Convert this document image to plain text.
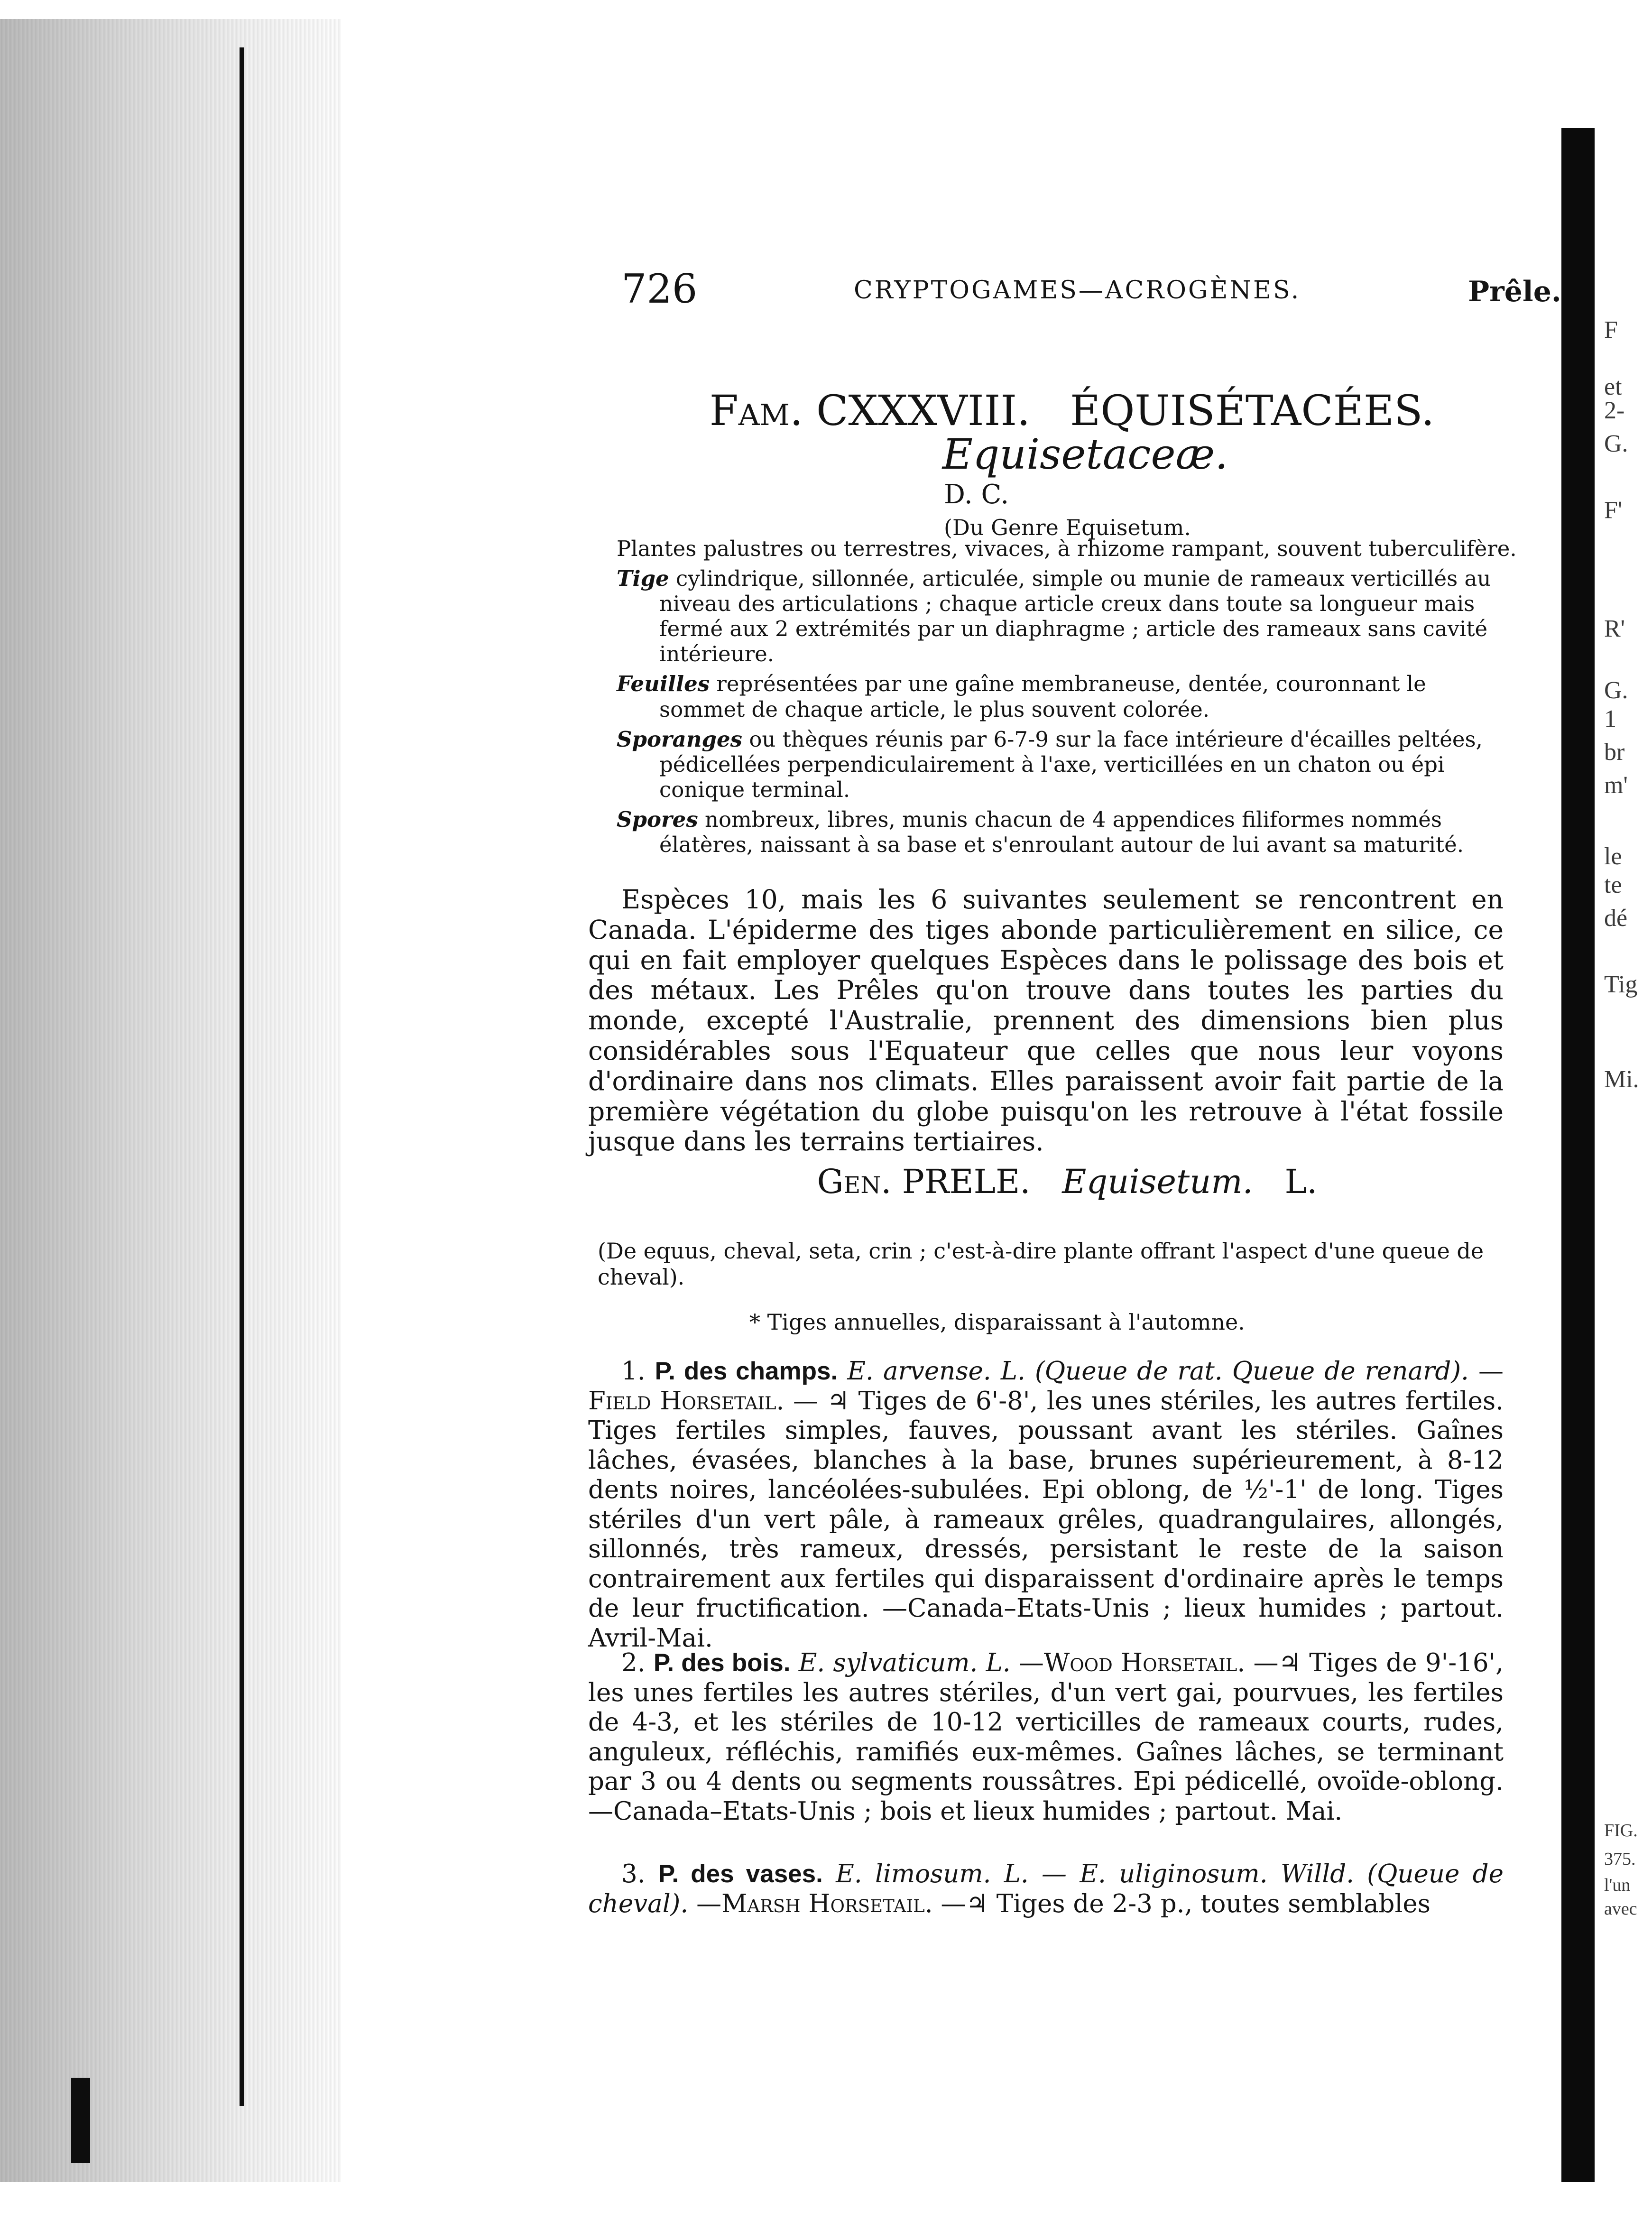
F
et
2-
G.
F'
R'
G.
1
br
m'
le
te
dé
Tig
Mi.
FIG.
375.
l'un
avec
726	CRYPTOGAMES—ACROGÈNES.	Prêle.
Fam. CXXXVIII. ÉQUISÉTACÉES.   Equisetaceæ.
D. C.
(Du Genre Equisetum.

Plantes palustres ou terrestres, vivaces, à rhizome rampant, souvent tuberculifère.

Tige cylindrique, sillonnée, articulée, simple ou munie de rameaux verticillés au niveau des articulations ; chaque article creux dans toute sa longueur mais fermé aux 2 extrémités par un diaphragme ; article des rameaux sans cavité intérieure.

Feuilles représentées par une gaîne membraneuse, dentée, couronnant le sommet de chaque article, le plus souvent colorée.

Sporanges ou thèques réunis par 6-7-9 sur la face intérieure d'écailles peltées, pédicellées perpendiculairement à l'axe, verticillées en un chaton ou épi conique terminal.

Spores nombreux, libres, munis chacun de 4 appendices filiformes nommés élatères, naissant à sa base et s'enroulant autour de lui avant sa maturité.

Espèces 10, mais les 6 suivantes seulement se rencontrent en Canada. L'épiderme des tiges abonde particulièrement en silice, ce qui en fait employer quelques Espèces dans le polissage des bois et des métaux. Les Prêles qu'on trouve dans toutes les parties du monde, excepté l'Australie, prennent des dimensions bien plus considérables sous l'Equateur que celles que nous leur voyons d'ordinaire dans nos climats. Elles paraissent avoir fait partie de la première végétation du globe puisqu'on les retrouve à l'état fossile jusque dans les terrains tertiaires.

Gen. PRELE. Equisetum. L.
(De equus, cheval, seta, crin ; c'est-à-dire plante offrant l'aspect d'une queue de cheval).
* Tiges annuelles, disparaissant à l'automne.

1. P. des champs. E. arvense. L. (Queue de rat. Queue de renard). —Field Horsetail. — ♃ Tiges de 6'-8', les unes stériles, les autres fertiles. Tiges fertiles simples, fauves, poussant avant les stériles. Gaînes lâches, évasées, blanches à la base, brunes supérieurement, à 8-12 dents noires, lancéolées-subulées. Epi oblong, de ½'-1' de long. Tiges stériles d'un vert pâle, à rameaux grêles, quadrangulaires, allongés, sillonnés, très rameux, dressés, persistant le reste de la saison contrairement aux fertiles qui disparaissent d'ordinaire après le temps de leur fructification. —Canada–Etats-Unis ; lieux humides ; partout. Avril-Mai.

2. P. des bois. E. sylvaticum. L. —Wood Horsetail. —♃ Tiges de 9'-16', les unes fertiles les autres stériles, d'un vert gai, pourvues, les fertiles de 4-3, et les stériles de 10-12 verticilles de rameaux courts, rudes, anguleux, réfléchis, ramifiés eux-mêmes. Gaînes lâches, se terminant par 3 ou 4 dents ou segments roussâtres. Epi pédicellé, ovoïde-oblong.—Canada–Etats-Unis ; bois et lieux humides ; partout. Mai.

3. P. des vases. E. limosum. L. — E. uliginosum. Willd. (Queue de cheval). —Marsh Horsetail. —♃ Tiges de 2-3 p., toutes semblables
